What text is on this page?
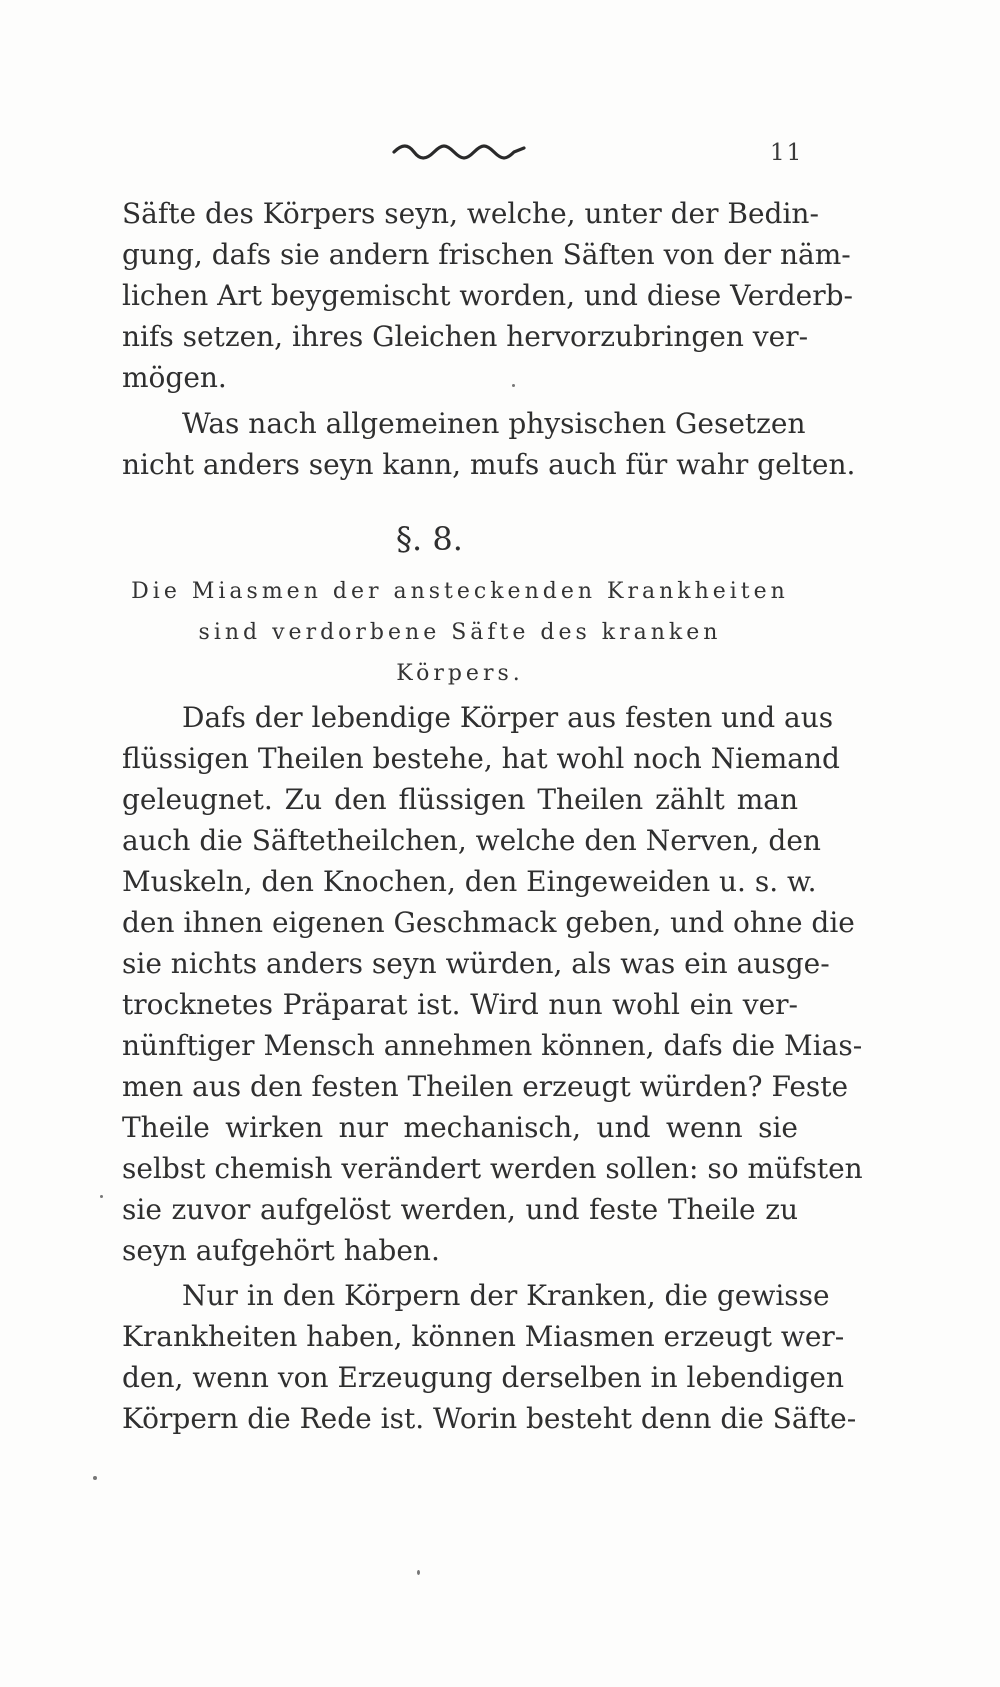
11
Säfte des Körpers seyn, welche, unter der Bedin-
gung, dafs sie andern frischen Säften von der näm-
lichen Art beygemischt worden, und diese Verderb-
nifs setzen, ihres Gleichen hervorzubringen ver-
mögen.
Was nach allgemeinen physischen Gesetzen
nicht anders seyn kann, mufs auch für wahr gelten.
§. 8.
Die Miasmen der ansteckenden Krankheiten
sind verdorbene Säfte des kranken
Körpers.
Dafs der lebendige Körper aus festen und aus
flüssigen Theilen bestehe, hat wohl noch Niemand
geleugnet. Zu den flüssigen Theilen zählt man
auch die Säftetheilchen, welche den Nerven, den
Muskeln, den Knochen, den Eingeweiden u. s. w.
den ihnen eigenen Geschmack geben, und ohne die
sie nichts anders seyn würden, als was ein ausge-
trocknetes Präparat ist. Wird nun wohl ein ver-
nünftiger Mensch annehmen können, dafs die Mias-
men aus den festen Theilen erzeugt würden? Feste
Theile wirken nur mechanisch, und wenn sie
selbst chemish verändert werden sollen: so müfsten
sie zuvor aufgelöst werden, und feste Theile zu
seyn aufgehört haben.
Nur in den Körpern der Kranken, die gewisse
Krankheiten haben, können Miasmen erzeugt wer-
den, wenn von Erzeugung derselben in lebendigen
Körpern die Rede ist. Worin besteht denn die Säfte-
